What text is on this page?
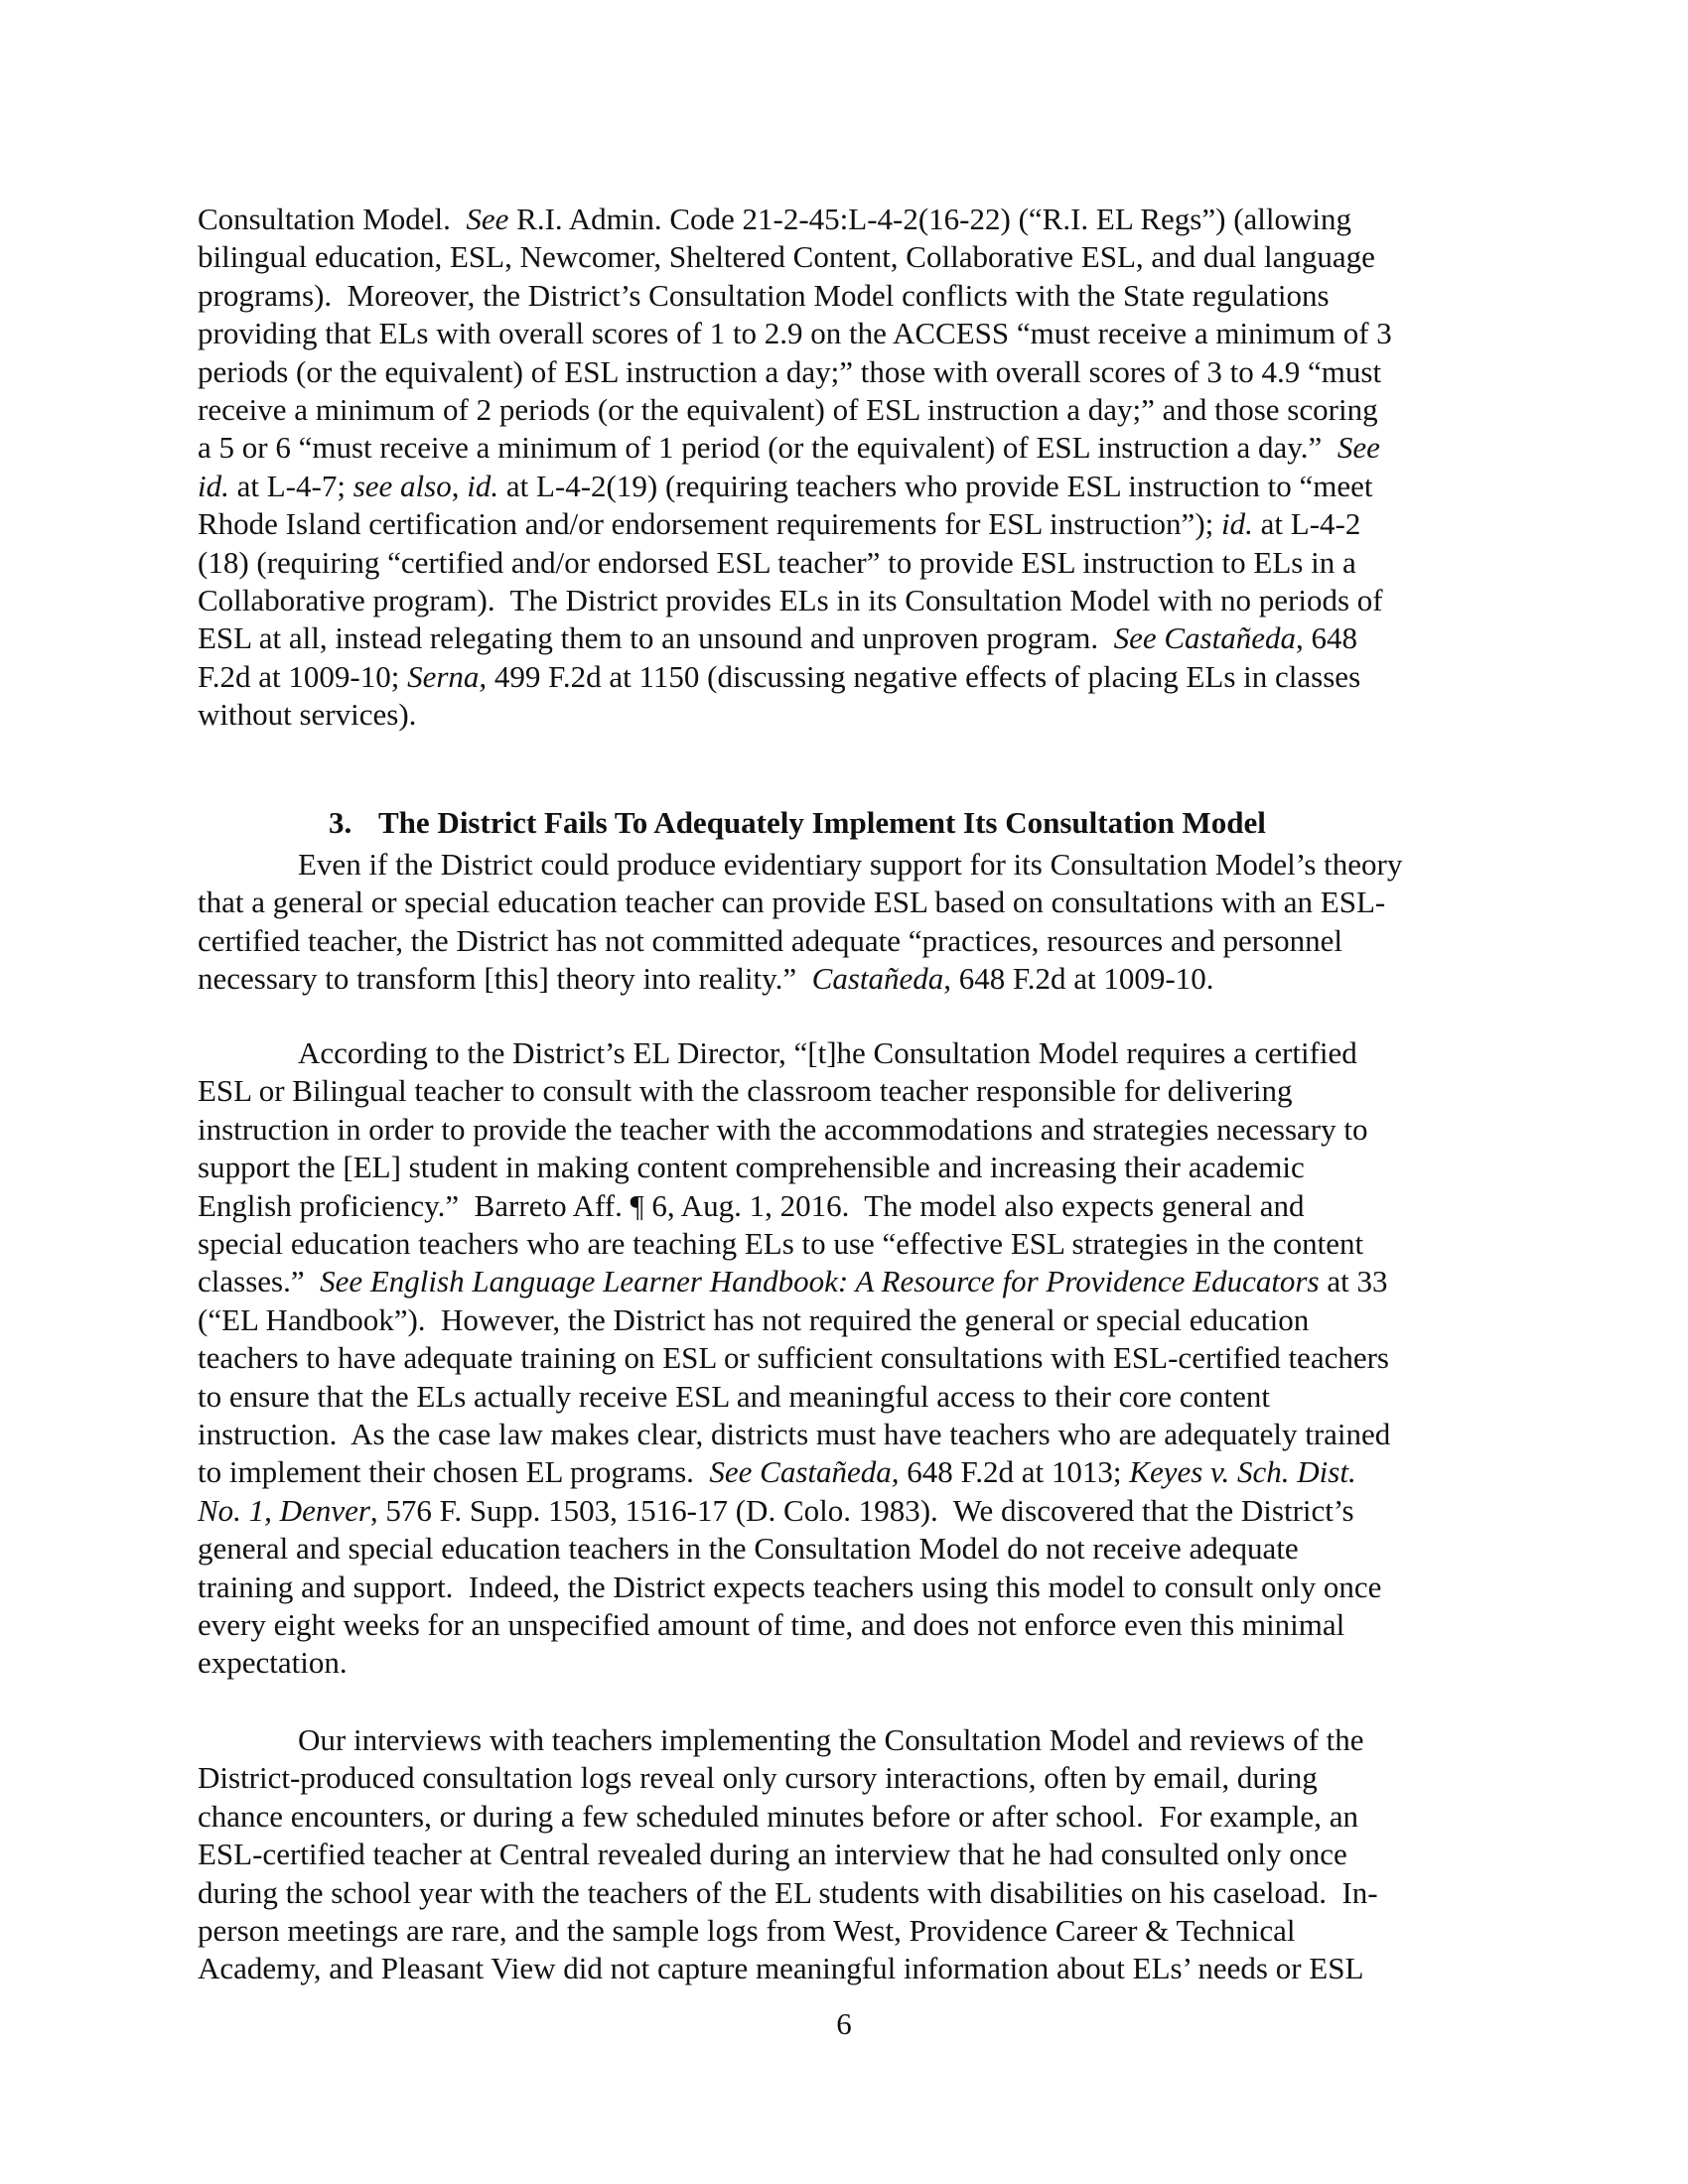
Consultation Model.  See R.I. Admin. Code 21-2-45:L-4-2(16-22) (“R.I. EL Regs”) (allowing
bilingual education, ESL, Newcomer, Sheltered Content, Collaborative ESL, and dual language
programs).  Moreover, the District’s Consultation Model conflicts with the State regulations
providing that ELs with overall scores of 1 to 2.9 on the ACCESS “must receive a minimum of 3
periods (or the equivalent) of ESL instruction a day;” those with overall scores of 3 to 4.9 “must
receive a minimum of 2 periods (or the equivalent) of ESL instruction a day;” and those scoring
a 5 or 6 “must receive a minimum of 1 period (or the equivalent) of ESL instruction a day.”  See
id. at L-4-7; see also, id. at L-4-2(19) (requiring teachers who provide ESL instruction to “meet
Rhode Island certification and/or endorsement requirements for ESL instruction”); id. at L-4-2
(18) (requiring “certified and/or endorsed ESL teacher” to provide ESL instruction to ELs in a
Collaborative program).  The District provides ELs in its Consultation Model with no periods of
ESL at all, instead relegating them to an unsound and unproven program.  See Castañeda, 648
F.2d at 1009-10; Serna, 499 F.2d at 1150 (discussing negative effects of placing ELs in classes
without services).

3. The District Fails To Adequately Implement Its Consultation Model

Even if the District could produce evidentiary support for its Consultation Model’s theory
that a general or special education teacher can provide ESL based on consultations with an ESL-
certified teacher, the District has not committed adequate “practices, resources and personnel
necessary to transform [this] theory into reality.”  Castañeda, 648 F.2d at 1009-10.
According to the District’s EL Director, “[t]he Consultation Model requires a certified
ESL or Bilingual teacher to consult with the classroom teacher responsible for delivering
instruction in order to provide the teacher with the accommodations and strategies necessary to
support the [EL] student in making content comprehensible and increasing their academic
English proficiency.”  Barreto Aff. ¶ 6, Aug. 1, 2016.  The model also expects general and
special education teachers who are teaching ELs to use “effective ESL strategies in the content
classes.”  See English Language Learner Handbook: A Resource for Providence Educators at 33
(“EL Handbook”).  However, the District has not required the general or special education
teachers to have adequate training on ESL or sufficient consultations with ESL-certified teachers
to ensure that the ELs actually receive ESL and meaningful access to their core content
instruction.  As the case law makes clear, districts must have teachers who are adequately trained
to implement their chosen EL programs.  See Castañeda, 648 F.2d at 1013; Keyes v. Sch. Dist.
No. 1, Denver, 576 F. Supp. 1503, 1516-17 (D. Colo. 1983).  We discovered that the District’s
general and special education teachers in the Consultation Model do not receive adequate
training and support.  Indeed, the District expects teachers using this model to consult only once
every eight weeks for an unspecified amount of time, and does not enforce even this minimal
expectation.
Our interviews with teachers implementing the Consultation Model and reviews of the
District-produced consultation logs reveal only cursory interactions, often by email, during
chance encounters, or during a few scheduled minutes before or after school.  For example, an
ESL-certified teacher at Central revealed during an interview that he had consulted only once
during the school year with the teachers of the EL students with disabilities on his caseload.  In-
person meetings are rare, and the sample logs from West, Providence Career & Technical
Academy, and Pleasant View did not capture meaningful information about ELs’ needs or ESL
6
